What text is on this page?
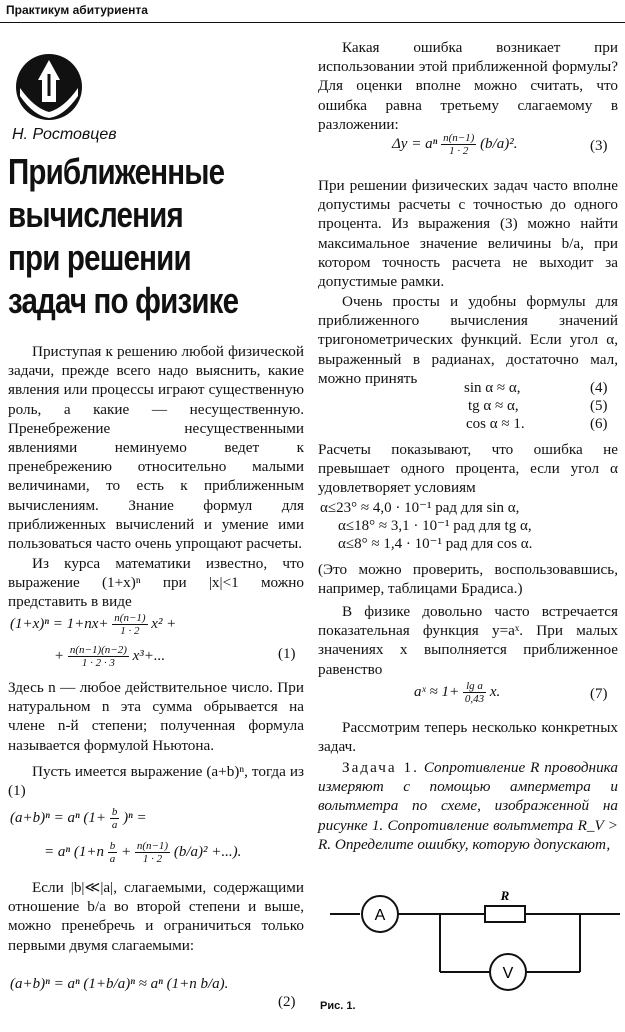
Практикум абитуриента
Н. Ростовцев
Приближенные
вычисления
при решении
задач по физике

Приступая к решению любой физической задачи, прежде всего надо выяснить, какие явления или процессы играют существенную роль, а какие — несущественную. Пренебрежение несущественными явлениями неминуемо ведет к пренебрежению относительно малыми величинами, то есть к приближенным вычислениям. Знание формул для приближенных вычислений и умение ими пользоваться часто очень упрощают расчеты.

Из курса математики известно, что выражение (1+x)ⁿ при |x|<1 можно представить в виде

$(1+x)^n = 1+nx+ \frac{n(n-1)}{1 \cdot 2} x^2$ +
+ $\frac{n(n-1)(n-2)}{1 \cdot 2 \cdot 3} x^3+$...	(1)

Здесь n — любое действительное число. При натуральном n эта сумма обрывается на члене n-й степени; полученная формула называется формулой Ньютона.

Пусть имеется выражение (a+b)ⁿ, тогда из (1)

(a+b)ⁿ = aⁿ $(1+ \frac{b}{a} )^n$ =
= aⁿ ($1+n \frac{b}{a} + \frac{n(n-1)}{1 \cdot 2} (b/a)^2$ +...).

Если |b|≪|a|, слагаемыми, содержащими отношение b/a во второй степени и выше, можно пренебречь и ограничиться только первыми двумя слагаемыми:

(a+b)ⁿ = aⁿ (1+b/a)ⁿ ≈ aⁿ (1+n b/a).
(2)

Какая ошибка возникает при использовании этой приближенной формулы? Для оценки вполне можно считать, что ошибка равна третьему слагаемому в разложении:

Δy = aⁿ $\frac{n(n-1)}{1 \cdot 2} (b/a)^2$.	(3)

При решении физических задач часто вполне допустимы расчеты с точностью до одного процента. Из выражения (3) можно найти максимальное значение величины b/a, при котором точность расчета не выходит за допустимые рамки.

Очень просты и удобны формулы для приближенного вычисления значений тригонометрических функций. Если угол α, выраженный в радианах, достаточно мал, можно принять

sin α ≈ α,	(4)
tg α ≈ α,	(5)
cos α ≈ 1.	(6)

Расчеты показывают, что ошибка не превышает одного процента, если угол α удовлетворяет условиям

α≤23° ≈ 4,0 · 10⁻¹ рад для sin α,
α≤18° ≈ 3,1 · 10⁻¹ рад для tg α,
α≤8° ≈ 1,4 · 10⁻¹ рад для cos α.

(Это можно проверить, воспользовавшись, например, таблицами Брадиса.)

В физике довольно часто встречается показательная функция y=aˣ. При малых значениях x выполняется приближенное равенство

aˣ ≈ $1+ \frac{\text{lg a}}{0,43} x$.	(7)

Рассмотрим теперь несколько конкретных задач.

Задача 1. Сопротивление R проводника измеряют с помощью амперметра и вольтметра по схеме, изображенной на рисунке 1. Сопротивление вольтметра R_V > R. Определите ошибку, которую допускают,

A
R
V
Рис. 1.
